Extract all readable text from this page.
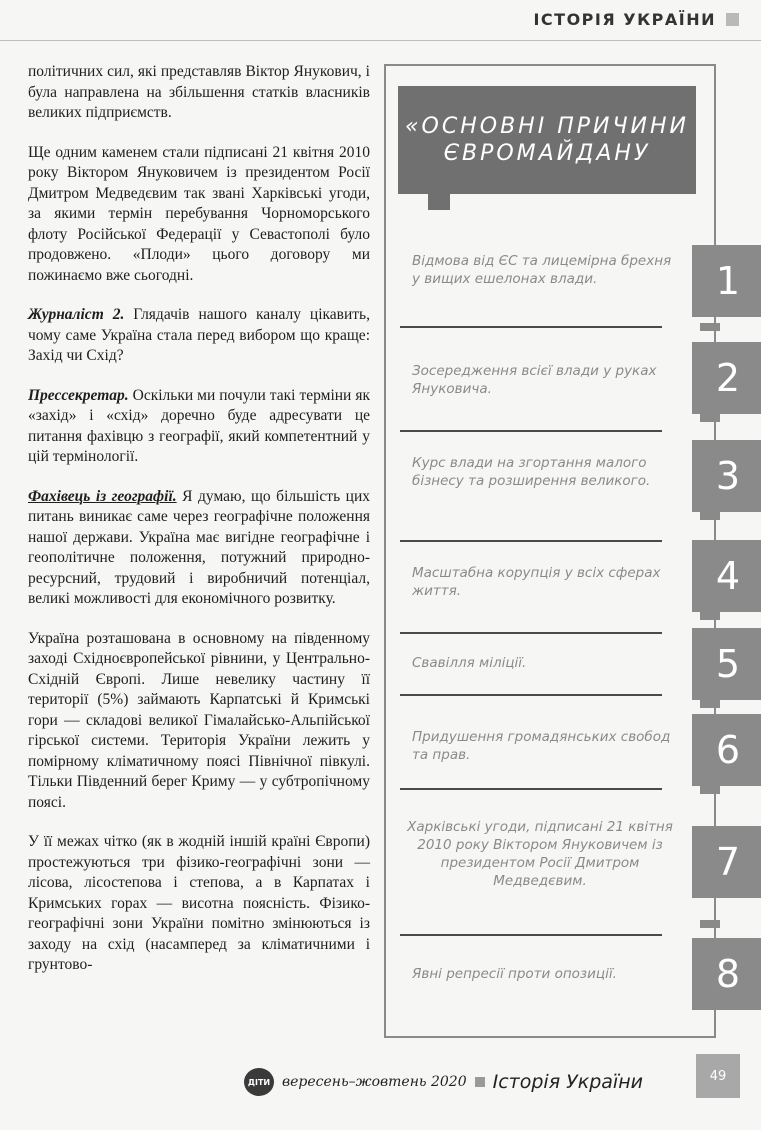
ІСТОРІЯ УКРАЇНИ

політичних сил, які представляв Віктор Янукович, і була направлена на збільшення статків власників великих підприємств.

Ще одним каменем стали підписані 21 квітня 2010 року Віктором Януковичем із президентом Росії Дмитром Медведєвим так звані Харківські угоди, за якими термін перебування Чорноморського флоту Російської Федерації у Севастополі було продовжено. «Плоди» цього договору ми пожинаємо вже сьогодні.

Журналіст 2. Глядачів нашого каналу цікавить, чому саме Україна стала перед вибором що краще: Захід чи Схід?

Прессекретар. Оскільки ми почули такі терміни як «захід» і «схід» доречно буде адресувати це питання фахівцю з географії, який компетентний у цій термінології.

Фахівець із географії. Я думаю, що більшість цих питань виникає саме через географічне положення нашої держави. Україна має вигідне географічне і геополітичне положення, потужний природно-ресурсний, трудовий і виробничий потенціал, великі можливості для економічного розвитку.

Україна розташована в основному на південному заході Східноєвропейської рівнини, у Центрально-Східній Європі. Лише невелику частину її території (5%) займають Карпатські й Кримські гори — складові великої Гімалайсько-Альпійської гірської системи. Територія України лежить у помірному кліматичному поясі Північної півкулі. Тільки Південний берег Криму — у субтропічному поясі.

У її межах чітко (як в жодній іншій країні Європи) простежуються три фізико-географічні зони — лісова, лісостепова і степова, а в Карпатах і Кримських горах — висотна поясність. Фізико-географічні зони України помітно змінюються із заходу на схід (насамперед за кліматичними і грунтово-

«ОСНОВНІ ПРИЧИНИ
ЄВРОМАЙДАНУ
Відмова від ЄС та лицемірна брехня у вищих ешелонах влади.	1
Зосередження всієї влади у руках Януковича.	2
Курс влади на згортання малого бізнесу та розширення великого.	3
Масштабна корупція у всіх сферах життя.	4
Свавілля міліції.	5
Придушення громадянських свобод та прав.	6
Харківські угоди, підписані 21 квітня 2010 року Віктором Януковичем із президентом Росії Дмитром Медведєвим.	7
Явні репресії проти опозиції.	8
ДІТИ вересень–жовтень 2020 Історія України	49
